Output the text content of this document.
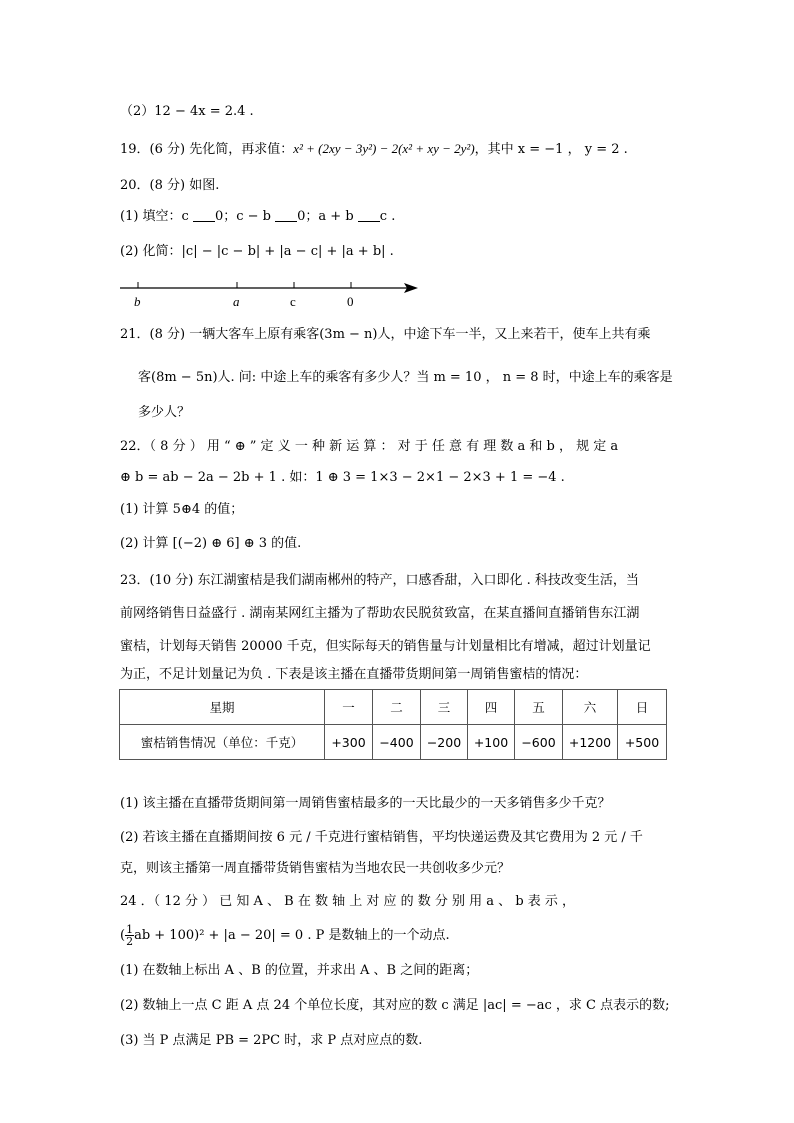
（2）12 − 4x = 2.4 .
19．(6 分) 先化简，再求值：x² + (2xy − 3y²) − 2(x² + xy − 2y²)，其中 x = −1 ， y = 2 .
20．(8 分) 如图.
(1) 填空：c 0；c − b 0；a + b c .
(2) 化简：|c| − |c − b| + |a − c| + |a + b| .
b	a	c	0
21．(8 分) 一辆大客车上原有乘客(3m − n)人，中途下车一半，又上来若干，使车上共有乘
客(8m − 5n)人. 问: 中途上车的乘客有多少人？当 m = 10 ， n = 8 时，中途上车的乘客是
多少人？
22．（ 8 分 ） 用 “ ⊕ ” 定 义 一 种 新 运 算 ： 对 于 任 意 有 理 数 a 和 b ， 规 定 a
⊕ b = ab − 2a − 2b + 1 . 如：1 ⊕ 3 = 1×3 − 2×1 − 2×3 + 1 = −4 .
(1) 计算 5⊕4 的值；
(2) 计算 [(−2) ⊕ 6] ⊕ 3 的值.
23．(10 分) 东江湖蜜桔是我们湖南郴州的特产，口感香甜，入口即化 . 科技改变生活，当
前网络销售日益盛行 . 湖南某网红主播为了帮助农民脱贫致富，在某直播间直播销售东江湖
蜜桔，计划每天销售 20000 千克，但实际每天的销售量与计划量相比有增减，超过计划量记
为正，不足计划量记为负 . 下表是该主播在直播带货期间第一周销售蜜桔的情况：
星期	一	二	三	四	五	六	日
蜜桔销售情况（单位：千克）	+300	−400	−200	+100	−600	+1200	+500
(1) 该主播在直播带货期间第一周销售蜜桔最多的一天比最少的一天多销售多少千克？
(2) 若该主播在直播期间按 6 元 / 千克进行蜜桔销售，平均快递运费及其它费用为 2 元 / 千
克，则该主播第一周直播带货销售蜜桔为当地农民一共创收多少元？
24 ．（ 12 分 ） 已 知 A 、 B 在 数 轴 上 对 应 的 数 分 别 用 a 、 b 表 示 ，
( $\frac{1}{2}$ ab + 100)² + |a − 20| = 0 . P 是数轴上的一个动点.
(1) 在数轴上标出 A 、B 的位置，并求出 A 、B 之间的距离；
(2) 数轴上一点 C 距 A 点 24 个单位长度，其对应的数 c 满足 |ac| = −ac ，求 C 点表示的数;
(3) 当 P 点满足 PB = 2PC 时，求 P 点对应点的数.
